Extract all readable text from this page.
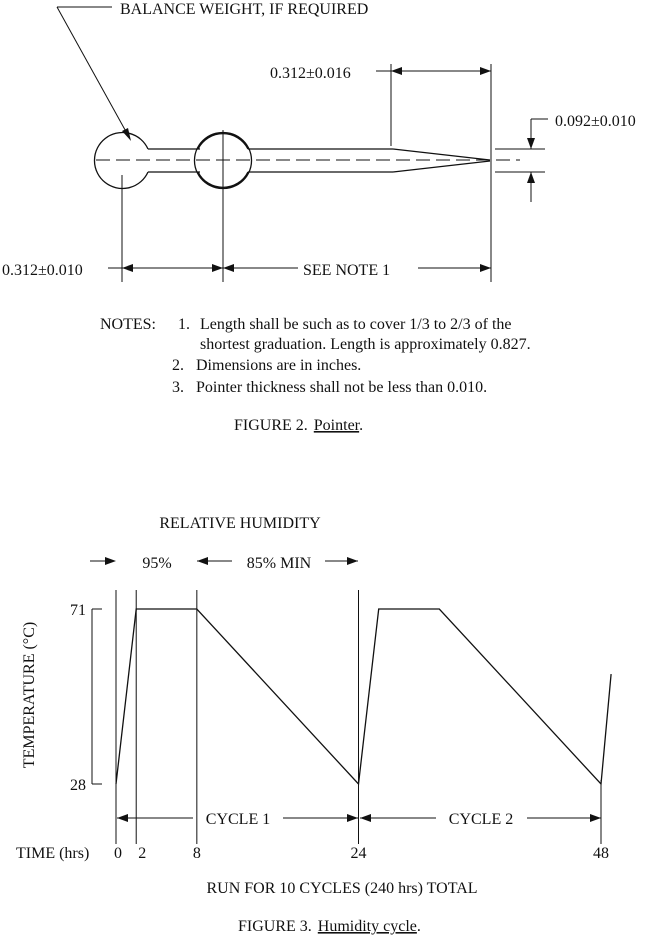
BALANCE WEIGHT, IF REQUIRED
0.312±0.016
0.092±0.010
0.312±0.010	SEE NOTE 1
NOTES: 1. Length shall be such as to cover 1/3 to 2/3 of the
shortest graduation. Length is approximately 0.827.
2. Dimensions are in inches.
3. Pointer thickness shall not be less than 0.010.
FIGURE 2. Pointer.
RELATIVE HUMIDITY
95%	85% MIN
TEMPERATURE (°C)
28
71
CYCLE 1	CYCLE 2
TIME (hrs) 0 2	8	24	48
RUN FOR 10 CYCLES (240 hrs) TOTAL
FIGURE 3. Humidity cycle.
